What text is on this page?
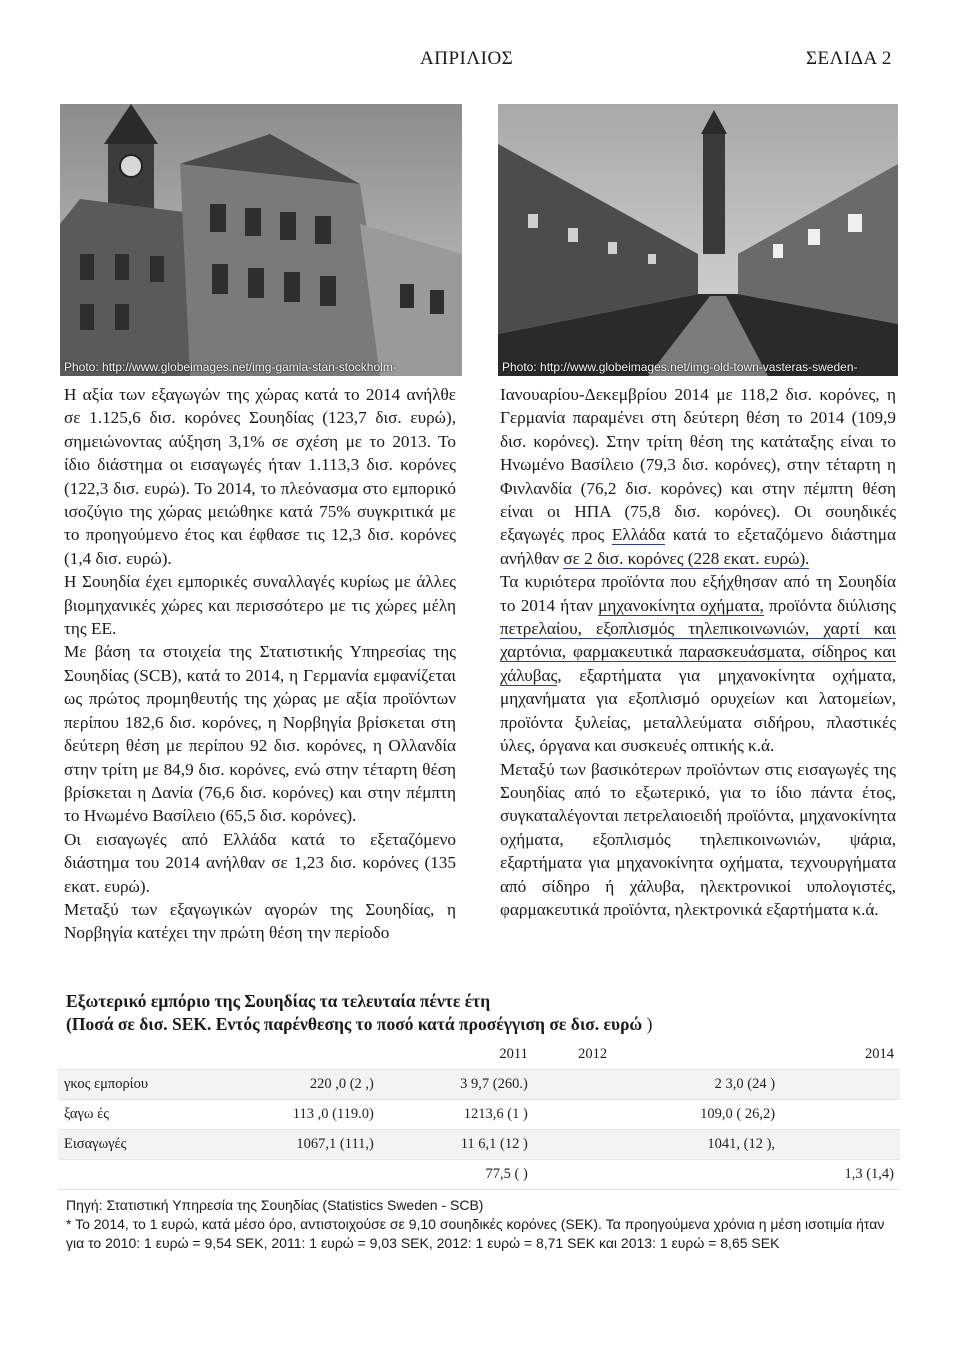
ΑΠΡΙΛΙΟΣ	ΣΕΛΙΔΑ 2
Photo: http://www.globeimages.net/img-gamla-stan-stockholm-	Photo: http://www.globeimages.net/img-old-town-vasteras-sweden-

Η αξία των εξαγωγών της χώρας κατά το 2014 ανήλθε σε 1.125,6 δισ. κορόνες Σουηδίας (123,7 δισ. ευρώ), σημειώνοντας αύξηση 3,1% σε σχέση με το 2013. Το ίδιο διάστημα οι εισαγωγές ήταν 1.113,3 δισ. κορόνες (122,3 δισ. ευρώ). Το 2014, το πλεόνασμα στο εμπορικό ισοζύγιο της χώρας μειώθηκε κατά 75% συγκριτικά με το προηγούμενο έτος και έφθασε τις 12,3 δισ. κορόνες (1,4 δισ. ευρώ).

Η Σουηδία έχει εμπορικές συναλλαγές κυρίως με άλλες βιομηχανικές χώρες και περισσότερο με τις χώρες μέλη της ΕΕ.

Με βάση τα στοιχεία της Στατιστικής Υπηρεσίας της Σουηδίας (SCB), κατά το 2014, η Γερμανία εμφανίζεται ως πρώτος προμηθευτής της χώρας με αξία προϊόντων περίπου 182,6 δισ. κορόνες, η Νορβηγία βρίσκεται στη δεύτερη θέση με περίπου 92 δισ. κορόνες, η Ολλανδία στην τρίτη με 84,9 δισ. κορόνες, ενώ στην τέταρτη θέση βρίσκεται η Δανία (76,6 δισ. κορόνες) και στην πέμπτη το Ηνωμένο Βασίλειο (65,5 δισ. κορόνες).

Οι εισαγωγές από Ελλάδα κατά το εξεταζόμενο διάστημα του 2014 ανήλθαν σε 1,23 δισ. κορόνες (135 εκατ. ευρώ).

Μεταξύ των εξαγωγικών αγορών της Σουηδίας, η Νορβηγία κατέχει την πρώτη θέση την περίοδο

Ιανουαρίου-Δεκεμβρίου 2014 με 118,2 δισ. κορόνες, η Γερμανία παραμένει στη δεύτερη θέση το 2014 (109,9 δισ. κορόνες). Στην τρίτη θέση της κατάταξης είναι το Ηνωμένο Βασίλειο (79,3 δισ. κορόνες), στην τέταρτη η Φινλανδία (76,2 δισ. κορόνες) και στην πέμπτη θέση είναι οι ΗΠΑ (75,8 δισ. κορόνες). Οι σουηδικές εξαγωγές προς Ελλάδα κατά το εξεταζόμενο διάστημα ανήλθαν σε 2 δισ. κορόνες (228 εκατ. ευρώ).

Τα κυριότερα προϊόντα που εξήχθησαν από τη Σουηδία το 2014 ήταν μηχανοκίνητα οχήματα, προϊόντα διύλισης πετρελαίου, εξοπλισμός τηλεπικοινωνιών, χαρτί και χαρτόνια, φαρμακευτικά παρασκευάσματα, σίδηρος και χάλυβας, εξαρτήματα για μηχανοκίνητα οχήματα, μηχανήματα για εξοπλισμό ορυχείων και λατομείων, προϊόντα ξυλείας, μεταλλεύματα σιδήρου, πλαστικές ύλες, όργανα και συσκευές οπτικής κ.ά.

Μεταξύ των βασικότερων προϊόντων στις εισαγωγές της Σουηδίας από το εξωτερικό, για το ίδιο πάντα έτος, συγκαταλέγονται πετρελαιοειδή προϊόντα, μηχανοκίνητα οχήματα, εξοπλισμός τηλεπικοινωνιών, ψάρια, εξαρτήματα για μηχανοκίνητα οχήματα, τεχνουργήματα από σίδηρο ή χάλυβα, ηλεκτρονικοί υπολογιστές, φαρμακευτικά προϊόντα, ηλεκτρονικά εξαρτήματα κ.ά.

Εξωτερικό εμπόριο της Σουηδίας τα τελευταία πέντε έτη
(Ποσά σε δισ. SEK. Εντός παρένθεσης το ποσό κατά προσέγγιση σε δισ. ευρώ )
		2011	2012		2014
γκος εμπορίου	220 ,0 (2 ,)	3 9,7 (260.)		2 3,0 (24 )	
ξαγω ές	113 ,0 (119.0)	1213,6 (1 )		109,0 ( 26,2)	
Εισαγωγές	1067,1 (111,)	11 6,1 (12 )		1041, (12 ),	
		77,5 ( )			1,3 (1,4)
Πηγή: Στατιστική Υπηρεσία της Σουηδίας (Statistics Sweden - SCB)
* Το 2014, το 1 ευρώ, κατά μέσο όρο, αντιστοιχούσε σε 9,10 σουηδικές κορόνες (SEK). Τα προηγούμενα χρόνια η μέση ισοτιμία ήταν για το 2010: 1 ευρώ = 9,54 SEK, 2011: 1 ευρώ = 9,03 SEK, 2012: 1 ευρώ = 8,71 SEK και 2013: 1 ευρώ = 8,65 SEK
